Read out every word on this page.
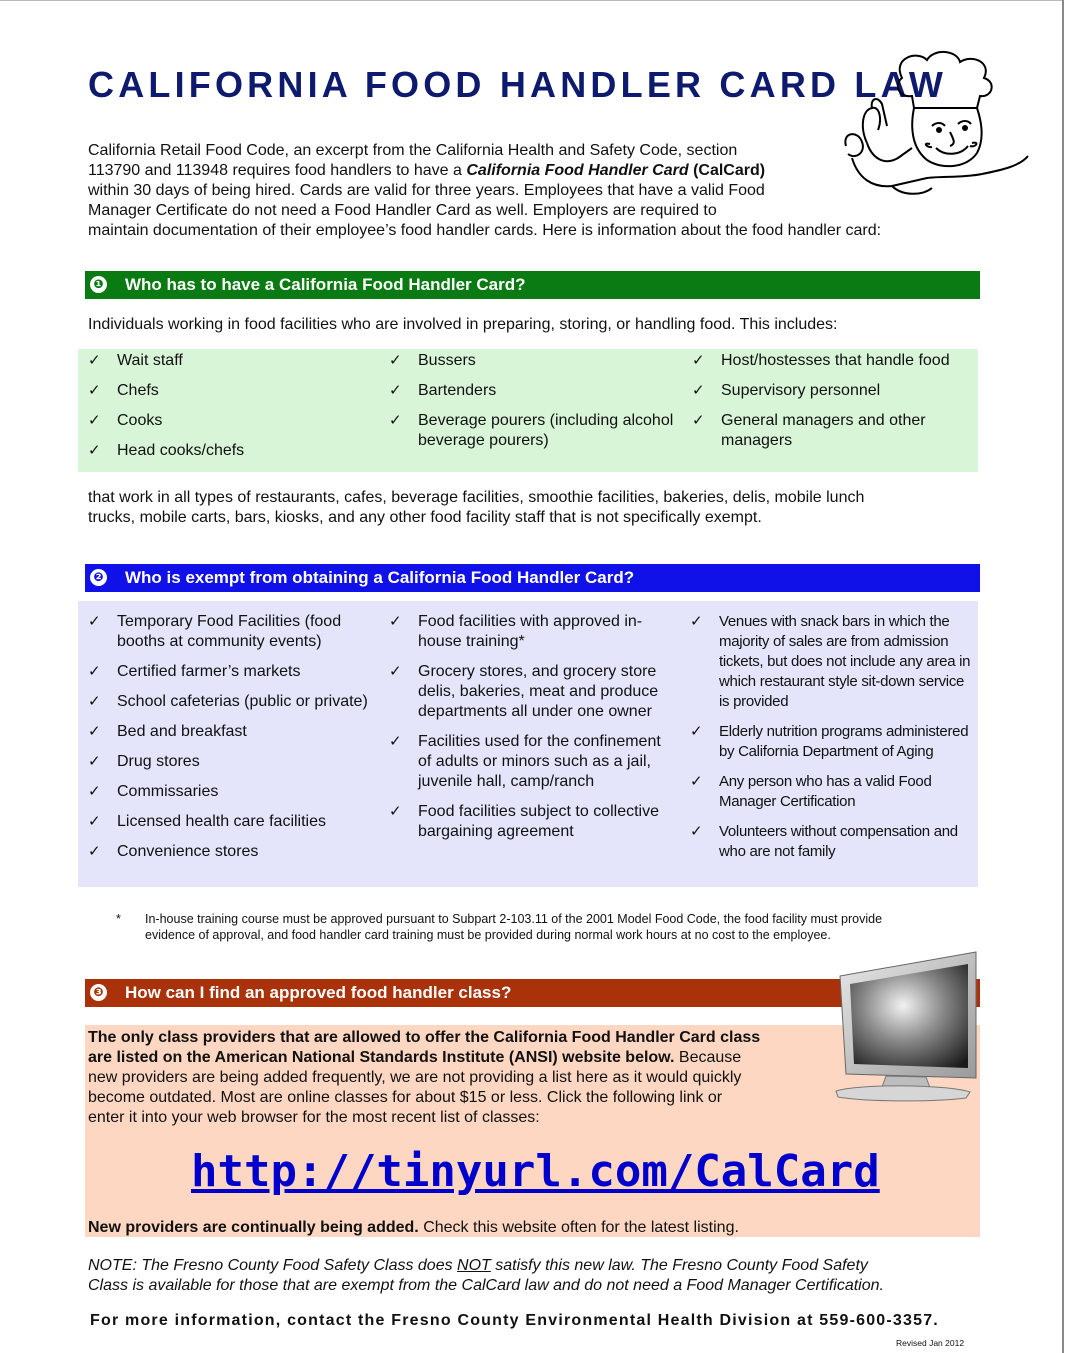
CALIFORNIA FOOD HANDLER CARD LAW

California Retail Food Code, an excerpt from the California Health and Safety Code, section
113790 and 113948 requires food handlers to have a California Food Handler Card (CalCard)
within 30 days of being hired. Cards are valid for three years. Employees that have a valid Food
Manager Certificate do not need a Food Handler Card as well. Employers are required to
maintain documentation of their employee’s food handler cards. Here is information about the food handler card:

❶ Who has to have a California Food Handler Card?

Individuals working in food facilities who are involved in preparing, storing, or handling food. This includes:

✓ Wait staff
✓ Chefs
✓ Cooks
✓ Head cooks/chefs
✓ Bussers
✓ Bartenders
✓ Beverage pourers (including alcohol beverage pourers)
✓ Host/hostesses that handle food
✓ Supervisory personnel
✓ General managers and other managers

that work in all types of restaurants, cafes, beverage facilities, smoothie facilities, bakeries, delis, mobile lunch
trucks, mobile carts, bars, kiosks, and any other food facility staff that is not specifically exempt.

❷ Who is exempt from obtaining a California Food Handler Card?
✓ Temporary Food Facilities (food booths at community events)
✓ Certified farmer’s markets
✓ School cafeterias (public or private)
✓ Bed and breakfast
✓ Drug stores
✓ Commissaries
✓ Licensed health care facilities
✓ Convenience stores
✓ Food facilities with approved in-house training*
✓ Grocery stores, and grocery store delis, bakeries, meat and produce departments all under one owner
✓ Facilities used for the confinement of adults or minors such as a jail, juvenile hall, camp/ranch
✓ Food facilities subject to collective bargaining agreement
✓ Venues with snack bars in which the majority of sales are from admission tickets, but does not include any area in which restaurant style sit-down service is provided
✓ Elderly nutrition programs administered by California Department of Aging
✓ Any person who has a valid Food Manager Certification
✓ Volunteers without compensation and who are not family
* In-house training course must be approved pursuant to Subpart 2-103.11 of the 2001 Model Food Code, the food facility must provide
evidence of approval, and food handler card training must be provided during normal work hours at no cost to the employee.
❸ How can I find an approved food handler class?

The only class providers that are allowed to offer the California Food Handler Card class
are listed on the American National Standards Institute (ANSI) website below. Because
new providers are being added frequently, we are not providing a list here as it would quickly
become outdated. Most are online classes for about $15 or less. Click the following link or
enter it into your web browser for the most recent list of classes:

http://tinyurl.com/CalCard

New providers are continually being added. Check this website often for the latest listing.

NOTE: The Fresno County Food Safety Class does NOT satisfy this new law. The Fresno County Food Safety
Class is available for those that are exempt from the CalCard law and do not need a Food Manager Certification.

For more information, contact the Fresno County Environmental Health Division at 559-600-3357.

Revised Jan 2012
